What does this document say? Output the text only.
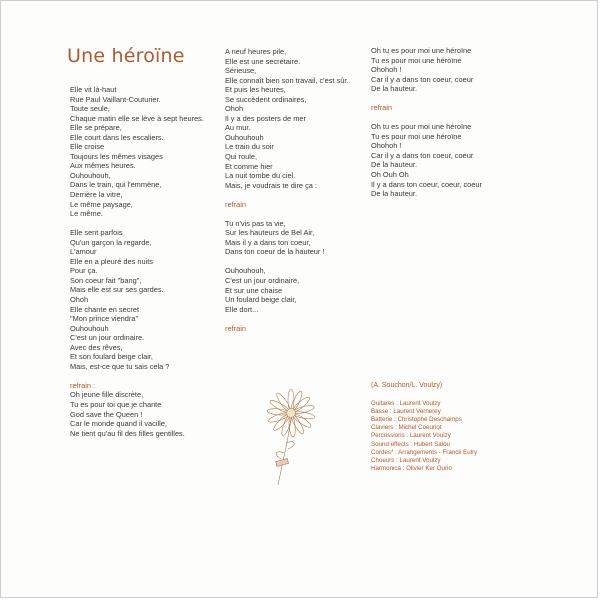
Une héroïne
Elle vit là-haut
Rue Paul Vaillant-Couturier.
Toute seule,
Chaque matin elle se lève à sept heures.
Elle se prépare,
Elle court dans les escaliers.
Elle croise
Toujours les mêmes visages
Aux mêmes heures.
Ouhouhouh,
Dans le train, qui l'emmène,
Derrière la vitre,
Le même paysage,
Le même.
Elle sent parfois
Qu'un garçon la regarde,
L'amour
Elle en a pleuré des nuits
Pour ça.
Son coeur fait "bang",
Mais elle est sur ses gardes.
Ohoh
Elle chante en secret
"Mon prince viendra"
Ouhouhouh
C'est un jour ordinaire.
Avec des rêves,
Et son foulard beige clair,
Mais, est-ce que tu sais cela ?
refrain :
Oh jeune fille discrète,
Tu es pour toi que je chante
God save the Queen !
Car le monde quand il vacille,
Ne tient qu'au fil des filles gentilles.
A neuf heures pile,
Elle est une secrétaire.
Sérieuse,
Elle connaît bien son travail, c'est sûr.
Et puis les heures,
Se succèdent ordinaires,
Ohoh
Il y a des posters de mer
Au mur.
Ouhouhouh
Le train du soir
Qui roule,
Et comme hier
La nuit tombe du ciel.
Mais, je voudrais te dire ça :
refrain
Tu n'vis pas ta vie,
Sur les hauteurs de Bel Air,
Mais il y a dans ton coeur,
Dans ton coeur de la hauteur !
Ouhouhouh,
C'est un jour ordinaire,
Et sur une chaise
Un foulard beige clair,
Elle dort...
refrain
Oh tu es pour moi une héroïne
Tu es pour moi une héroïne
Ohohoh !
Car il y a dans ton coeur, coeur
De la hauteur.
refrain
Oh tu es pour moi une héroïne
Tu es pour moi une héroïne
Ohohoh !
Car il y a dans ton coeur, coeur
De la hauteur.
Oh Ouh Oh
Il y a dans ton coeur, coeur, coeur
De la hauteur.
(A. Souchon/L. Voulzy)
Guitares : Laurent Voulzy
Basse : Laurent Vernerey
Batterie : Christophe Deschamps
Claviers : Michel Coeuriot
Percussions : Laurent Voulzy
Sound effects : Hubert Salou
Cordes* : Arrangements - Franck Eulry
Choeurs : Laurent Voulzy
Harmonica : Olivier Ker Ourio
